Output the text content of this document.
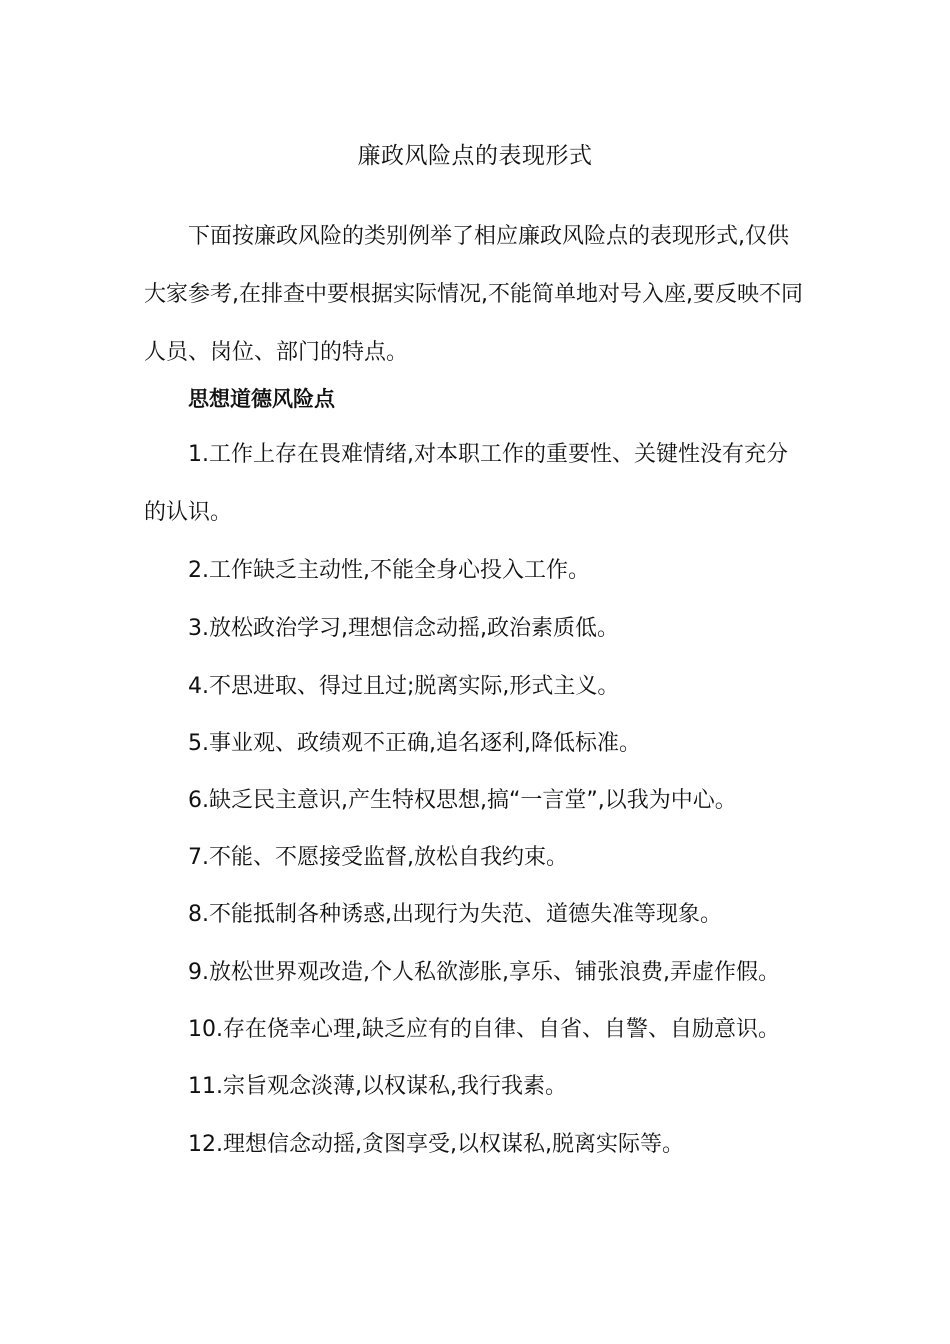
廉政风险点的表现形式

下面按廉政风险的类别例举了相应廉政风险点的表现形式,仅供大家参考,在排查中要根据实际情况,不能简单地对号入座,要反映不同人员、岗位、部门的特点。

思想道德风险点

1.工作上存在畏难情绪,对本职工作的重要性、关键性没有充分的认识。

2.工作缺乏主动性,不能全身心投入工作。

3.放松政治学习,理想信念动摇,政治素质低。

4.不思进取、得过且过;脱离实际,形式主义。

5.事业观、政绩观不正确,追名逐利,降低标准。

6.缺乏民主意识,产生特权思想,搞“一言堂”,以我为中心。

7.不能、不愿接受监督,放松自我约束。

8.不能抵制各种诱惑,出现行为失范、道德失准等现象。

9.放松世界观改造,个人私欲澎胀,享乐、铺张浪费,弄虚作假。

10.存在侥幸心理,缺乏应有的自律、自省、自警、自励意识。

11.宗旨观念淡薄,以权谋私,我行我素。

12.理想信念动摇,贪图享受,以权谋私,脱离实际等。
